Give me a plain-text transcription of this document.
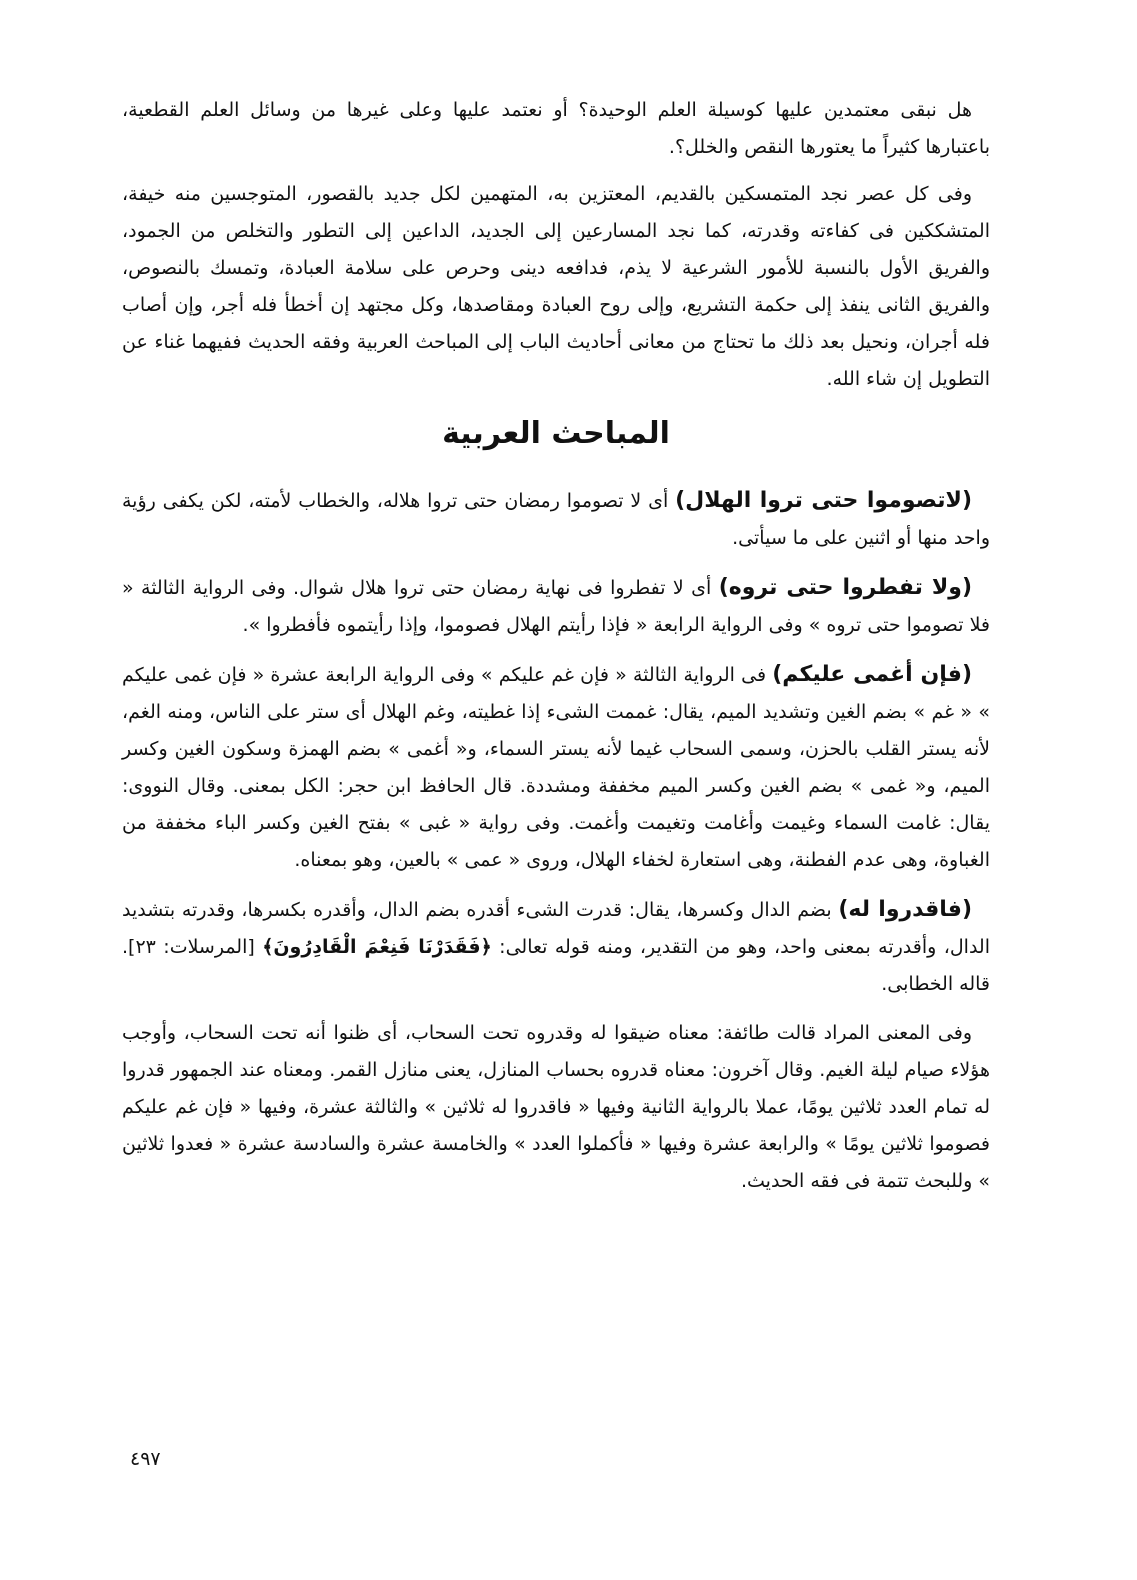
هل نبقى معتمدين عليها كوسيلة العلم الوحيدة؟ أو نعتمد عليها وعلى غيرها من وسائل العلم القطعية، باعتبارها كثيراً ما يعتورها النقص والخلل؟.

وفى كل عصر نجد المتمسكين بالقديم، المعتزين به، المتهمين لكل جديد بالقصور، المتوجسين منه خيفة، المتشككين فى كفاءته وقدرته، كما نجد المسارعين إلى الجديد، الداعين إلى التطور والتخلص من الجمود، والفريق الأول بالنسبة للأمور الشرعية لا يذم، فدافعه دينى وحرص على سلامة العبادة، وتمسك بالنصوص، والفريق الثانى ينفذ إلى حكمة التشريع، وإلى روح العبادة ومقاصدها، وكل مجتهد إن أخطأ فله أجر، وإن أصاب فله أجران، ونحيل بعد ذلك ما تحتاج من معانى أحاديث الباب إلى المباحث العربية وفقه الحديث ففيهما غناء عن التطويل إن شاء الله.

المباحث العربية

(لاتصوموا حتى تروا الهلال) أى لا تصوموا رمضان حتى تروا هلاله، والخطاب لأمته، لكن يكفى رؤية واحد منها أو اثنين على ما سيأتى.

(ولا تفطروا حتى تروه) أى لا تفطروا فى نهاية رمضان حتى تروا هلال شوال. وفى الرواية الثالثة « فلا تصوموا حتى تروه » وفى الرواية الرابعة « فإذا رأيتم الهلال فصوموا، وإذا رأيتموه فأفطروا ».

(فإن أغمى عليكم) فى الرواية الثالثة « فإن غم عليكم » وفى الرواية الرابعة عشرة « فإن غمى عليكم » « غم » بضم الغين وتشديد الميم، يقال: غممت الشىء إذا غطيته، وغم الهلال أى ستر على الناس، ومنه الغم، لأنه يستر القلب بالحزن، وسمى السحاب غيما لأنه يستر السماء، و« أغمى » بضم الهمزة وسكون الغين وكسر الميم، و« غمى » بضم الغين وكسر الميم مخففة ومشددة. قال الحافظ ابن حجر: الكل بمعنى. وقال النووى: يقال: غامت السماء وغيمت وأغامت وتغيمت وأغمت. وفى رواية « غبى » بفتح الغين وكسر الباء مخففة من الغباوة، وهى عدم الفطنة، وهى استعارة لخفاء الهلال، وروى « عمى » بالعين، وهو بمعناه.

(فاقدروا له) بضم الدال وكسرها، يقال: قدرت الشىء أقدره بضم الدال، وأقدره بكسرها، وقدرته بتشديد الدال، وأقدرته بمعنى واحد، وهو من التقدير، ومنه قوله تعالى: ﴿فَقَدَرْنَا فَنِعْمَ الْقَادِرُونَ﴾ [المرسلات: ٢٣]. قاله الخطابى.

وفى المعنى المراد قالت طائفة: معناه ضيقوا له وقدروه تحت السحاب، أى ظنوا أنه تحت السحاب، وأوجب هؤلاء صيام ليلة الغيم. وقال آخرون: معناه قدروه بحساب المنازل، يعنى منازل القمر. ومعناه عند الجمهور قدروا له تمام العدد ثلاثين يومًا، عملا بالرواية الثانية وفيها « فاقدروا له ثلاثين » والثالثة عشرة، وفيها « فإن غم عليكم فصوموا ثلاثين يومًا » والرابعة عشرة وفيها « فأكملوا العدد » والخامسة عشرة والسادسة عشرة « فعدوا ثلاثين » وللبحث تتمة فى فقه الحديث.

٤٩٧
